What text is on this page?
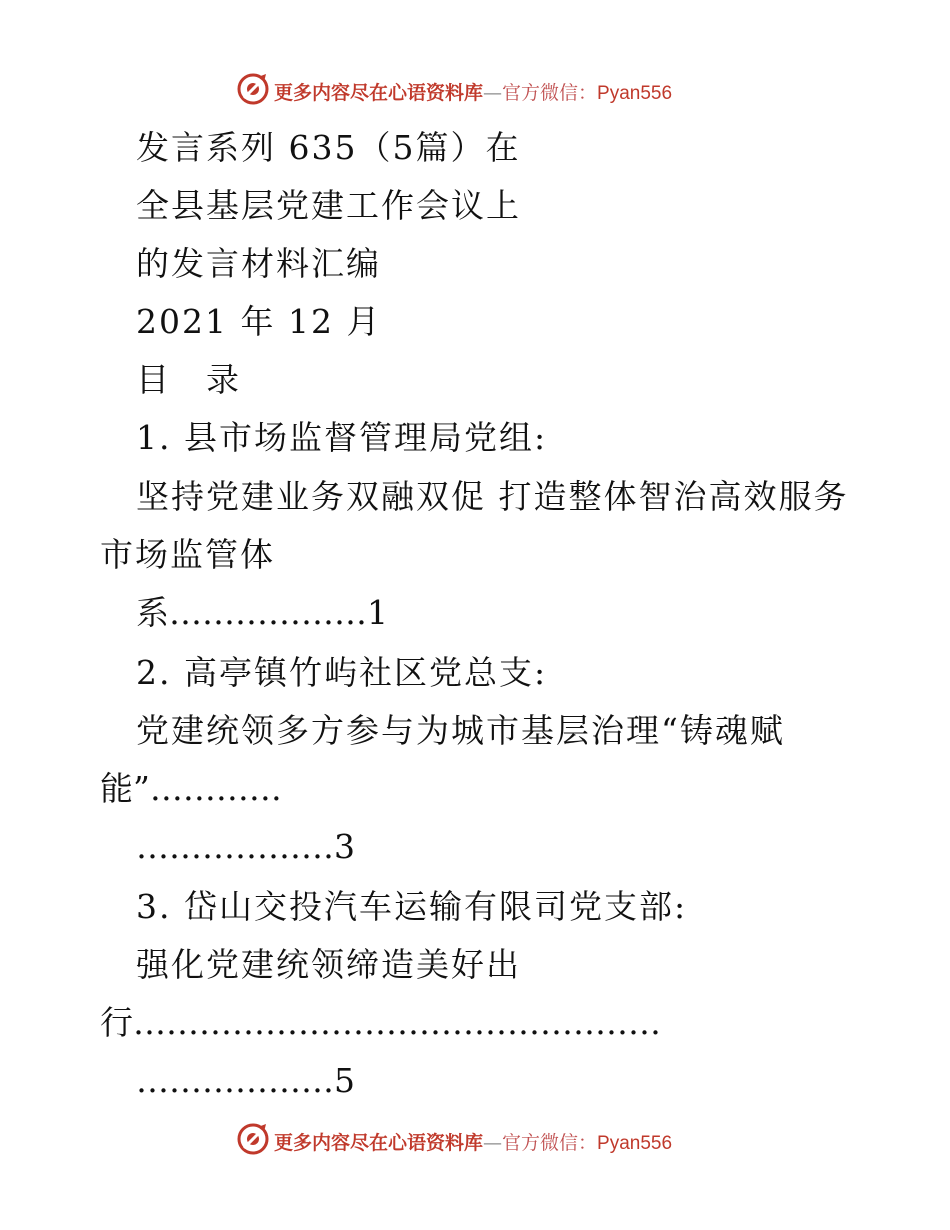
更多内容尽在心语资料库—官方微信：Pyan556
发言系列 635（5篇）在
全县基层党建工作会议上
的发言材料汇编
2021 年 12 月
目　录
1. 县市场监督管理局党组:
坚持党建业务双融双促 打造整体智治高效服务
市场监管体
系………………1
2. 高亭镇竹屿社区党总支:
党建统领多方参与为城市基层治理“铸魂赋
能”…………
………………3
3. 岱山交投汽车运输有限司党支部:
强化党建统领缔造美好出
行…………………………………………
………………5
更多内容尽在心语资料库—官方微信：Pyan556
